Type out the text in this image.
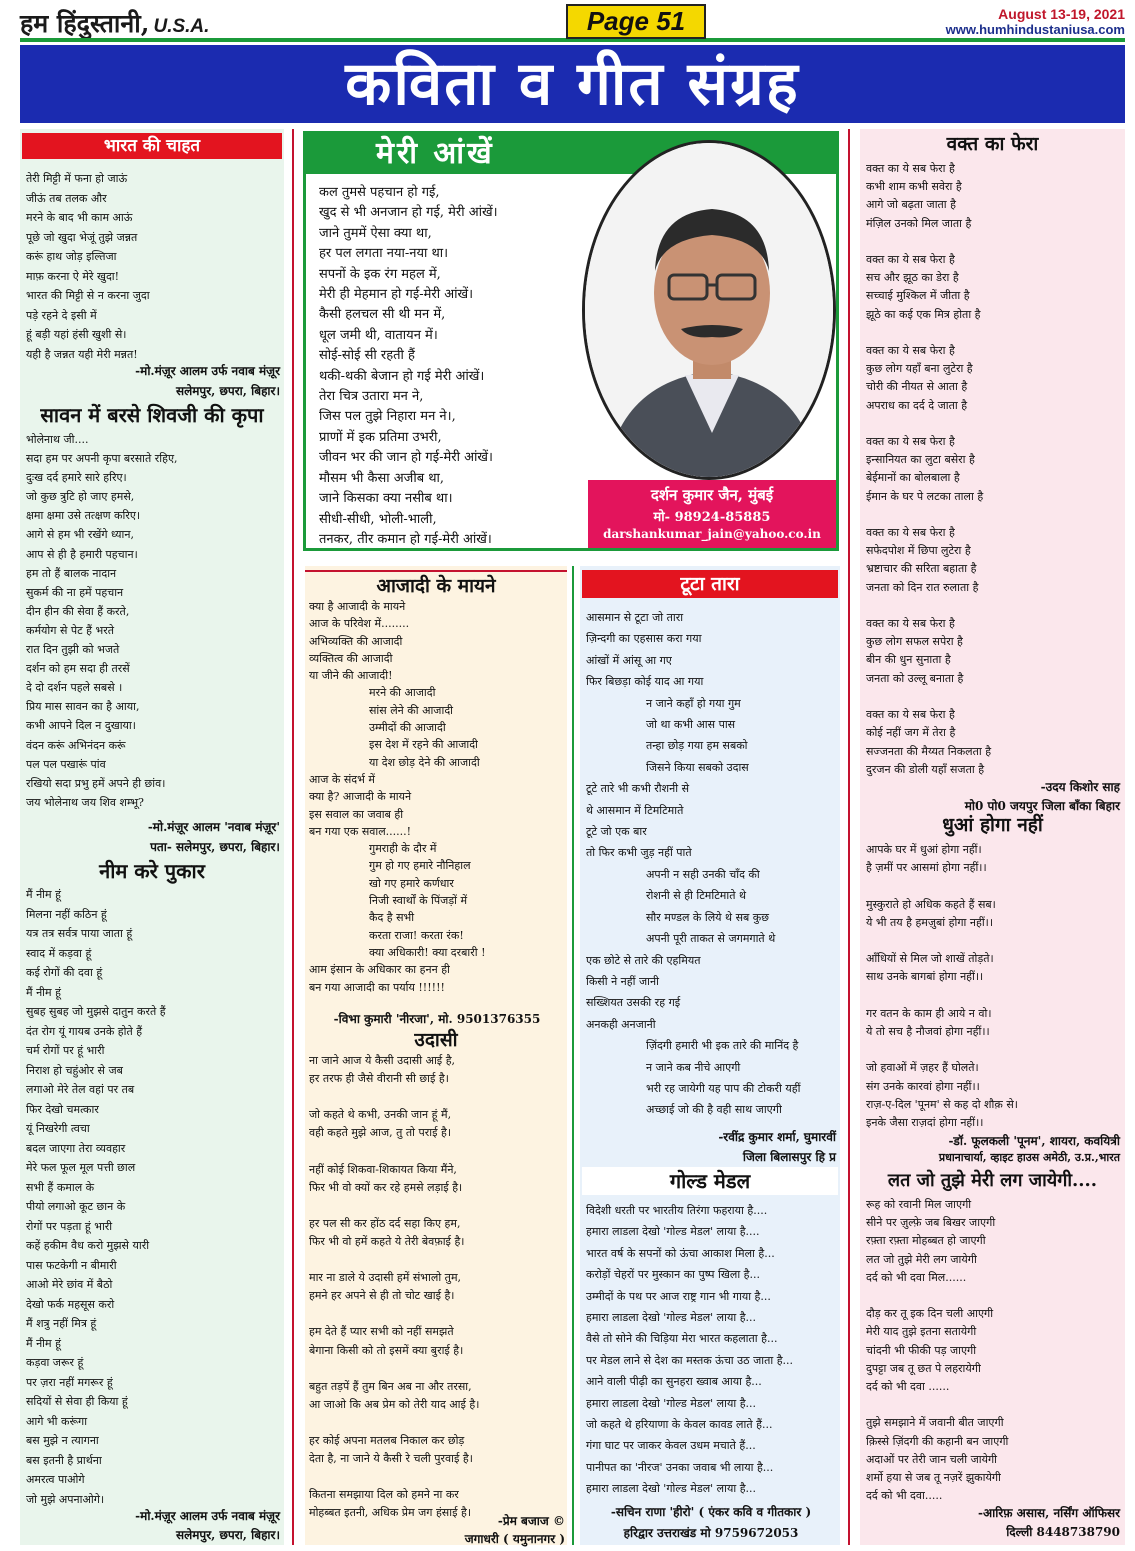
हम हिंदुस्तानी, U.S.A.	Page 51	August 13-19, 2021
www.humhindustaniusa.com
कविता व गीत संग्रह
भारत की चाहत
तेरी मिट्टी में फना हो जाऊं
जीऊं तब तलक और
मरने के बाद भी काम आऊं
पूछे जो खुदा भेजूं तुझे जन्नत
करूं हाथ जोड़ इल्तिजा
माफ़ करना ऐ मेरे खुदा!
भारत की मिट्टी से न करना जुदा
पड़े रहने दे इसी में
हूं बड़ी यहां हंसी खुशी से।
यही है जन्नत यही मेरी मन्नत!
-मो.मंज़ूर आलम उर्फ नवाब मंज़ूर
सलेमपुर, छपरा, बिहार।
सावन में बरसे शिवजी की कृपा
भोलेनाथ जी....
सदा हम पर अपनी कृपा बरसाते रहिए,
दुःख दर्द हमारे सारे हरिए।
जो कुछ त्रुटि हो जाए हमसे,
क्षमा क्षमा उसे तत्क्षण करिए।
आगे से हम भी रखेंगे ध्यान,
आप से ही है हमारी पहचान।
हम तो हैं बालक नादान
सुकर्म की ना हमें पहचान
दीन हीन की सेवा हैं करते,
कर्मयोग से पेट हैं भरते
रात दिन तुझी को भजते
दर्शन को हम सदा ही तरसें
दे दो दर्शन पहले सबसे ।
प्रिय मास सावन का है आया,
कभी आपने दिल न दुखाया।
वंदन करूं अभिनंदन करूं
पल पल पखारूं पांव
रखियो सदा प्रभु हमें अपने ही छांव।
जय भोलेनाथ जय शिव शम्भू?
-मो.मंज़ूर आलम 'नवाब मंज़ूर'
पता- सलेमपुर, छपरा, बिहार।
नीम करे पुकार
मैं नीम हूं
मिलना नहीं कठिन हूं
यत्र तत्र सर्वत्र पाया जाता हूं
स्वाद में कड़वा हूं
कई रोगों की दवा हूं
मैं नीम हूं
सुबह सुबह जो मुझसे दातुन करते हैं
दंत रोग यूं गायब उनके होते हैं
चर्म रोगों पर हूं भारी
निराश हो चहुंओर से जब
लगाओ मेरे तेल वहां पर तब
फिर देखो चमत्कार
यूं निखरेगी त्वचा
बदल जाएगा तेरा व्यवहार
मेरे फल फूल मूल पत्ती छाल
सभी हैं कमाल के
पीयो लगाओ कूट छान के
रोगों पर पड़ता हूं भारी
कहें हकीम वैध करो मुझसे यारी
पास फटकेगी न बीमारी
आओ मेरे छांव में बैठो
देखो फर्क महसूस करो
मैं शत्रु नहीं मित्र हूं
मैं नीम हूं
कड़वा जरूर हूं
पर ज़रा नहीं मगरूर हूं
सदियों से सेवा ही किया हूं
आगे भी करूंगा
बस मुझे न त्यागना
बस इतनी है प्रार्थना
अमरत्व पाओगे
जो मुझे अपनाओगे।
-मो.मंज़ूर आलम उर्फ नवाब मंज़ूर
सलेमपुर, छपरा, बिहार।
मेरी आंखें
कल तुमसे पहचान हो गई,
खुद से भी अनजान हो गई, मेरी आंखें।
जाने तुममें ऐसा क्या था,
हर पल लगता नया-नया था।
सपनों के इक रंग महल में,
मेरी ही मेहमान हो गई-मेरी आंखें।
कैसी हलचल सी थी मन में,
धूल जमी थी, वातायन में।
सोई-सोई सी रहती हैं
थकी-थकी बेजान हो गई मेरी आंखें।
तेरा चित्र उतारा मन ने,
जिस पल तुझे निहारा मन ने।,
प्राणों में इक प्रतिमा उभरी,
जीवन भर की जान हो गई-मेरी आंखें।
मौसम भी कैसा अजीब था,
जाने किसका क्या नसीब था।
सीधी-सीधी, भोली-भाली,
तनकर, तीर कमान हो गई-मेरी आंखें।
दर्शन कुमार जैन, मुंबई
मो- 98924-85885
darshankumar_jain@yahoo.co.in
आजादी के मायने
क्या है आजादी के मायने
आज के परिवेश में........
अभिव्यक्ति की आजादी
व्यक्तित्व की आजादी
या जीने की आजादी!
मरने की आजादी
सांस लेने की आजादी
उम्मीदों की आजादी
इस देश में रहने की आजादी
या देश छोड़ देने की आजादी
आज के संदर्भ में
क्या है? आजादी के मायने
इस सवाल का जवाब ही
बन गया एक सवाल......!
गुमराही के दौर में
गुम हो गए हमारे नौनिहाल
खो गए हमारे कर्णधार
निजी स्वार्थों के पिंजड़ों में
कैद है सभी
करता राजा! करता रंक!
क्या अधिकारी! क्या दरबारी !
आम इंसान के अधिकार का हनन ही
बन गया आजादी का पर्याय !!!!!!
-विभा कुमारी 'नीरजा', मो. 9501376355
उदासी
ना जाने आज ये कैसी उदासी आई है,
हर तरफ ही जैसे वीरानी सी छाई है।

जो कहते थे कभी, उनकी जान हूं मैं,
वही कहते मुझे आज, तु तो पराई है।

नहीं कोई शिकवा-शिकायत किया मैंने,
फिर भी वो क्यों कर रहे हमसे लड़ाई है।

हर पल सी कर होंठ दर्द सहा किए हम,
फिर भी वो हमें कहते ये तेरी बेवफ़ाई है।

मार ना डाले ये उदासी हमें संभालो तुम,
हमने हर अपने से ही तो चोट खाई है।

हम देते हैं प्यार सभी को नहीं समझते
बेगाना किसी को तो इसमें क्या बुराई है।

बहुत तड़पें हैं तुम बिन अब ना और तरसा,
आ जाओ कि अब प्रेम को तेरी याद आई है।

हर कोई अपना मतलब निकाल कर छोड़
देता है, ना जाने ये कैसी रे चली पुरवाई है।

कितना समझाया दिल को हमने ना कर
मोहब्बत इतनी, अधिक प्रेम जग हंसाई है।
-प्रेम बजाज ©
जगाधरी ( यमुनानगर )
टूटा तारा
आसमान से टूटा जो तारा
ज़िन्दगी का एहसास करा गया
आंखों में आंसू आ गए
फिर बिछड़ा कोई याद आ गया
न जाने कहाँ हो गया गुम
जो था कभी आस पास
तन्हा छोड़ गया हम सबको
जिसने किया सबको उदास
टूटे तारे भी कभी रौशनी से
थे आसमान में टिमटिमाते
टूटे जो एक बार
तो फिर कभी जुड़ नहीं पाते
अपनी न सही उनकी चाँद की
रोशनी से ही टिमटिमाते थे
सौर मण्डल के लिये थे सब कुछ
अपनी पूरी ताकत से जगमगाते थे
एक छोटे से तारे की एहमियत
किसी ने नहीं जानी
सख्शियत उसकी रह गई
अनकही अनजानी
ज़िंदगी हमारी भी इक तारे की मानिंद है
न जाने कब नीचे आएगी
भरी रह जायेगी यह पाप की टोकरी यहीं
अच्छाई जो की है वही साथ जाएगी
-रवींद्र कुमार शर्मा, घुमारवीं
जिला बिलासपुर हि प्र
गोल्ड मेडल
विदेशी धरती पर भारतीय तिरंगा फहराया है....
हमारा लाडला देखो 'गोल्ड मेडल' लाया है....
भारत वर्ष के सपनों को ऊंचा आकाश मिला है...
करोड़ों चेहरों पर मुस्कान का पुष्प खिला है...
उम्मीदों के पथ पर आज राष्ट्र गान भी गाया है...
हमारा लाडला देखो 'गोल्ड मेडल' लाया है...
वैसे तो सोने की चिड़िया मेरा भारत कहलाता है...
पर मेडल लाने से देश का मस्तक ऊंचा उठ जाता है...
आने वाली पीढ़ी का सुनहरा ख्वाब आया है...
हमारा लाडला देखो 'गोल्ड मेडल' लाया है...
जो कहते थे हरियाणा के केवल कावड लाते हैं...
गंगा घाट पर जाकर केवल उधम मचाते हैं...
पानीपत का 'नीरज' उनका जवाब भी लाया है...
हमारा लाडला देखो 'गोल्ड मेडल' लाया है...
-सचिन राणा 'हीरो' ( एंकर कवि व गीतकार )
हरिद्वार उत्तराखंड मो 9759672053
वक्त का फेरा
वक्त का ये सब फेरा है
कभी शाम कभी सवेरा है
आगे जो बढ़ता जाता है
मंज़िल उनको मिल जाता है

वक्त का ये सब फेरा है
सच और झूठ का डेरा है
सच्चाई मुश्किल में जीता है
झूठे का कई एक मित्र होता है

वक्त का ये सब फेरा है
कुछ लोग यहाँ बना लुटेरा है
चोरी की नीयत से आता है
अपराध का दर्द दे जाता है

वक्त का ये सब फेरा है
इन्सानियत का लुटा बसेरा है
बेईमानों का बोलबाला है
ईमान के घर पे लटका ताला है

वक्त का ये सब फेरा है
सफेदपोश में छिपा लुटेरा है
भ्रष्टाचार की सरिता बहाता है
जनता को दिन रात रुलाता है

वक्त का ये सब फेरा है
कुछ लोग सफल सपेरा है
बीन की धुन सुनाता है
जनता को उल्लू बनाता है

वक्त का ये सब फेरा है
कोई नहीं जग में तेरा है
सज्जनता की मैय्यत निकलता है
दुरजन की डोली यहाँ सजता है
-उदय किशोर साह
मो0 पो0 जयपुर जिला बाँका बिहार
धुआं होगा नहीं
आपके घर में धुआं होगा नहीं।
है ज़मीं पर आसमां होगा नहीं।।

मुस्कुराते हो अधिक कहते हैं सब।
ये भी तय है हमज़ुबां होगा नहीं।।

आँधियों से मिल जो शाखें तोड़ते।
साथ उनके बागबां होगा नहीं।।

गर वतन के काम ही आये न वो।
ये तो सच है नौजवां होगा नहीं।।

जो हवाओं में ज़हर हैं घोलते।
संग उनके कारवां होगा नहीं।।
राज़-ए-दिल 'पूनम' से कह दो शौक़ से।
इनके जैसा राज़दां होगा नहीं।।
-डॉ. फूलकली 'पूनम', शायरा, कवयित्री
प्रधानाचार्या, व्हाइट हाउस अमेठी, उ.प्र.,भारत
लत जो तुझे मेरी लग जायेगी....
रूह को रवानी मिल जाएगी
सीने पर ज़ुल्फ़े जब बिखर जाएगी
रफ़्ता रफ़्ता मोहब्बत हो जाएगी
लत जो तुझे मेरी लग जायेगी
दर्द को भी दवा मिल......

दौड़ कर तू इक दिन चली आएगी
मेरी याद तुझे इतना सतायेगी
चांदनी भी फीकी पड़ जाएगी
दुपट्टा जब तू छत पे लहरायेगी
दर्द को भी दवा ......

तुझे समझाने में जवानी बीत जाएगी
क़िस्से ज़िंदगी की कहानी बन जाएगी
अदाओं पर तेरी जान चली जायेगी
शर्मो हया से जब तू नज़रें झुकायेगी
दर्द को भी दवा.....
-आरिफ़ असास, नर्सिंग ऑफिसर
दिल्ली 8448738790
